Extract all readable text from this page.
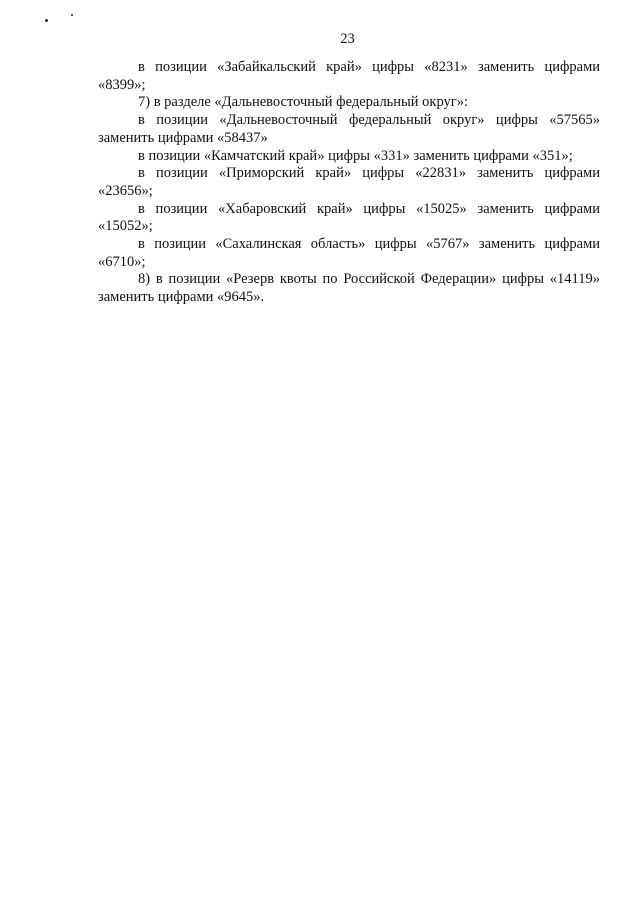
23

в позиции «Забайкальский край» цифры «8231» заменить цифрами «8399»;

7) в разделе «Дальневосточный федеральный округ»:

в позиции «Дальневосточный федеральный округ» цифры «57565» заменить цифрами «58437»

в позиции «Камчатский край» цифры «331» заменить цифрами «351»;

в позиции «Приморский край» цифры «22831» заменить цифрами «23656»;

в позиции «Хабаровский край» цифры «15025» заменить цифрами «15052»;

в позиции «Сахалинская область» цифры «5767» заменить цифрами «6710»;

8) в позиции «Резерв квоты по Российской Федерации» цифры «14119» заменить цифрами «9645».
